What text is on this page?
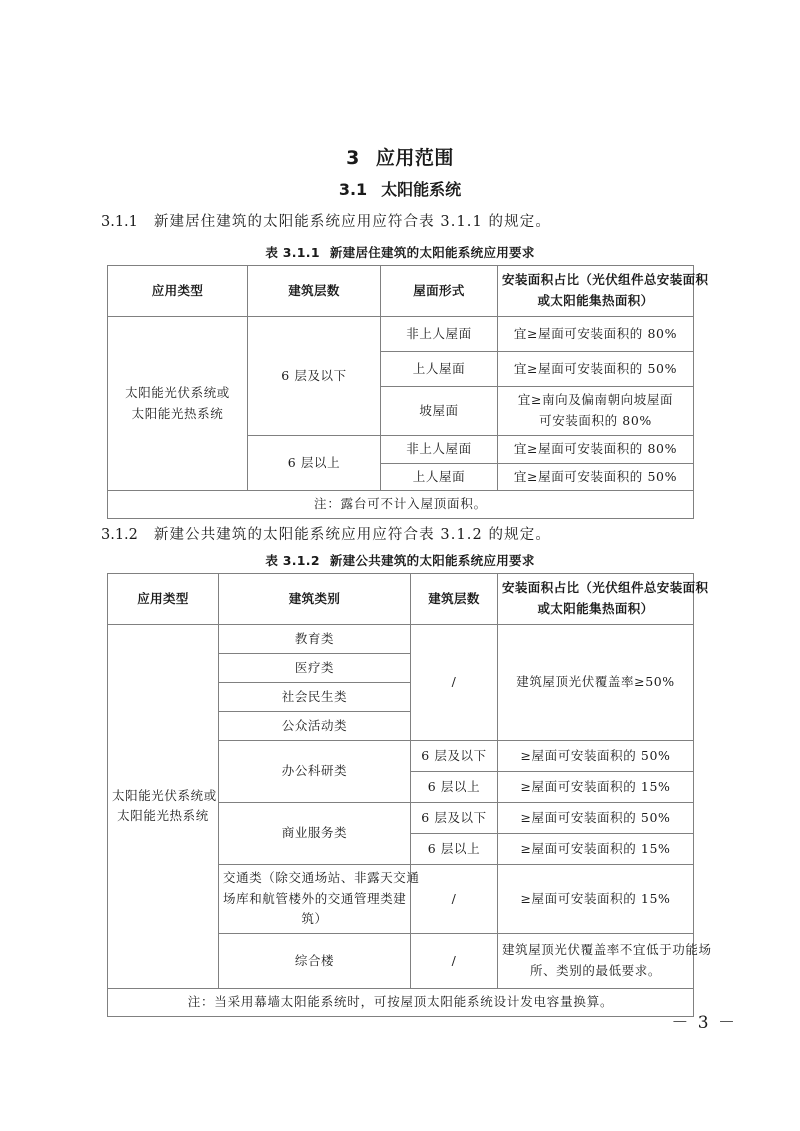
3 应用范围
3.1 太阳能系统
3.1.1 新建居住建筑的太阳能系统应用应符合表 3.1.1 的规定。
表 3.1.1 新建居住建筑的太阳能系统应用要求
应用类型	建筑层数	屋面形式	安装面积占比（光伏组件总安装面积
或太阳能集热面积）

太阳能光伏系统或
太阳能光热系统	6 层及以下	非上人屋面	宜≥屋面可安装面积的 80%
		上人屋面	宜≥屋面可安装面积的 50%
		坡屋面	宜≥南向及偏南朝向坡屋面
可安装面积的 80%

	6 层以上	非上人屋面	宜≥屋面可安装面积的 80%
		上人屋面	宜≥屋面可安装面积的 50%
注：露台可不计入屋顶面积。			
3.1.2 新建公共建筑的太阳能系统应用应符合表 3.1.2 的规定。
表 3.1.2 新建公共建筑的太阳能系统应用要求
应用类型	建筑类别	建筑层数	安装面积占比（光伏组件总安装面积
或太阳能集热面积）

太阳能光伏系统或
太阳能光热系统	教育类	/	建筑屋顶光伏覆盖率≥50%
	医疗类		
	社会民生类		
	公众活动类		
	办公科研类	6 层及以下	≥屋面可安装面积的 50%
		6 层以上	≥屋面可安装面积的 15%
	商业服务类	6 层及以下	≥屋面可安装面积的 50%
		6 层以上	≥屋面可安装面积的 15%

	交通类（除交通场站、非露天交通
场库和航管楼外的交通管理类建
筑）	/	≥屋面可安装面积的 15%
	综合楼	/	建筑屋顶光伏覆盖率不宜低于功能场
所、类别的最低要求。

注：当采用幕墙太阳能系统时，可按屋顶太阳能系统设计发电容量换算。			
－ 3 －
